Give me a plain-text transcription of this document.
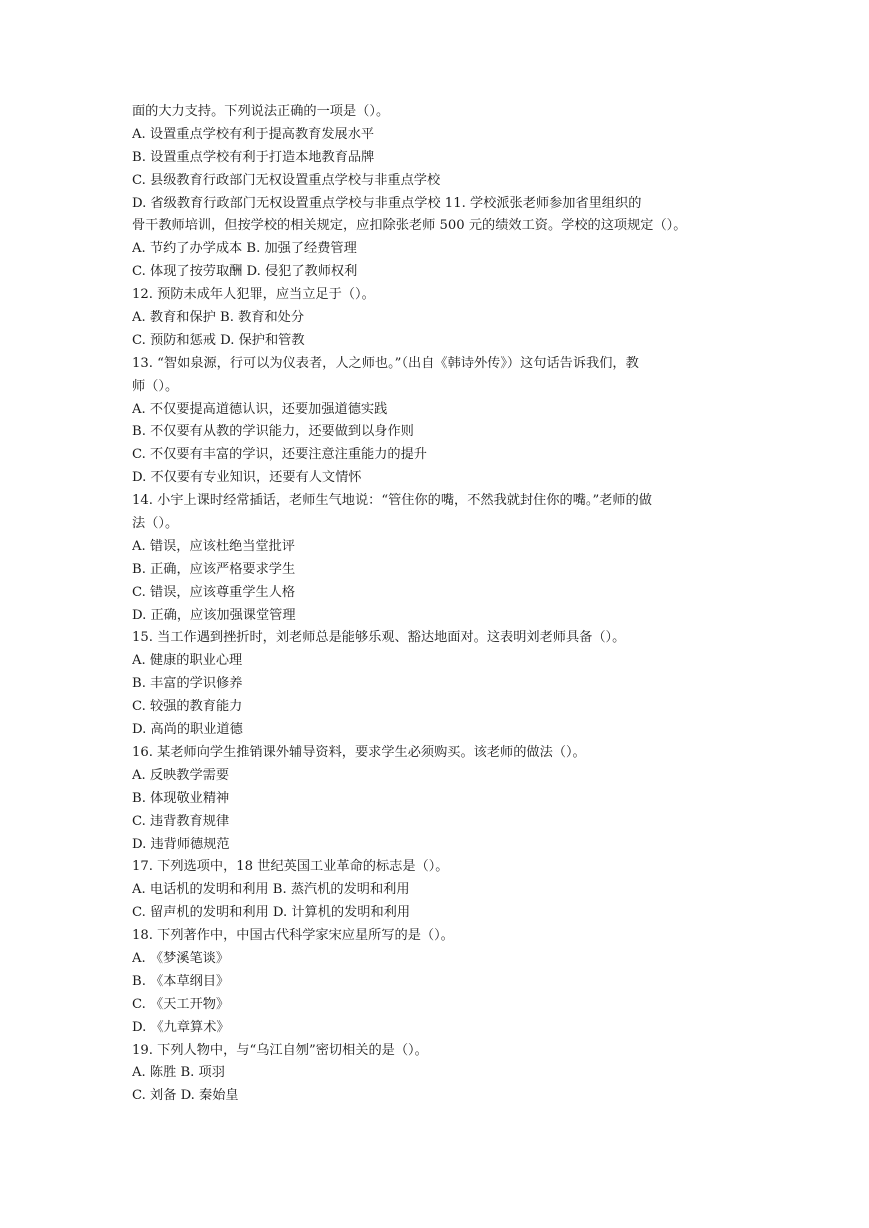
面的大力支持。下列说法正确的一项是（）。
A. 设置重点学校有利于提高教育发展水平
B. 设置重点学校有利于打造本地教育品牌
C. 县级教育行政部门无权设置重点学校与非重点学校
D. 省级教育行政部门无权设置重点学校与非重点学校 11. 学校派张老师参加省里组织的
骨干教师培训，但按学校的相关规定，应扣除张老师 500 元的绩效工资。学校的这项规定（）。
A. 节约了办学成本 B. 加强了经费管理
C. 体现了按劳取酬 D. 侵犯了教师权利
12. 预防未成年人犯罪，应当立足于（）。
A. 教育和保护 B. 教育和处分
C. 预防和惩戒 D. 保护和管教
13. “智如泉源，行可以为仪表者，人之师也。”（出自《韩诗外传》）这句话告诉我们，教
师（）。
A. 不仅要提高道德认识，还要加强道德实践
B. 不仅要有从教的学识能力，还要做到以身作则
C. 不仅要有丰富的学识，还要注意注重能力的提升
D. 不仅要有专业知识，还要有人文情怀
14. 小宇上课时经常插话，老师生气地说：“管住你的嘴，不然我就封住你的嘴。”老师的做
法（）。
A. 错误，应该杜绝当堂批评
B. 正确，应该严格要求学生
C. 错误，应该尊重学生人格
D. 正确，应该加强课堂管理
15. 当工作遇到挫折时，刘老师总是能够乐观、豁达地面对。这表明刘老师具备（）。
A. 健康的职业心理
B. 丰富的学识修养
C. 较强的教育能力
D. 高尚的职业道德
16. 某老师向学生推销课外辅导资料，要求学生必须购买。该老师的做法（）。
A. 反映教学需要
B. 体现敬业精神
C. 违背教育规律
D. 违背师德规范
17. 下列选项中，18 世纪英国工业革命的标志是（）。
A. 电话机的发明和利用 B. 蒸汽机的发明和利用
C. 留声机的发明和利用 D. 计算机的发明和利用
18. 下列著作中，中国古代科学家宋应星所写的是（）。
A. 《梦溪笔谈》
B. 《本草纲目》
C. 《天工开物》
D. 《九章算术》
19. 下列人物中，与“乌江自刎”密切相关的是（）。
A. 陈胜 B. 项羽
C. 刘备 D. 秦始皇
